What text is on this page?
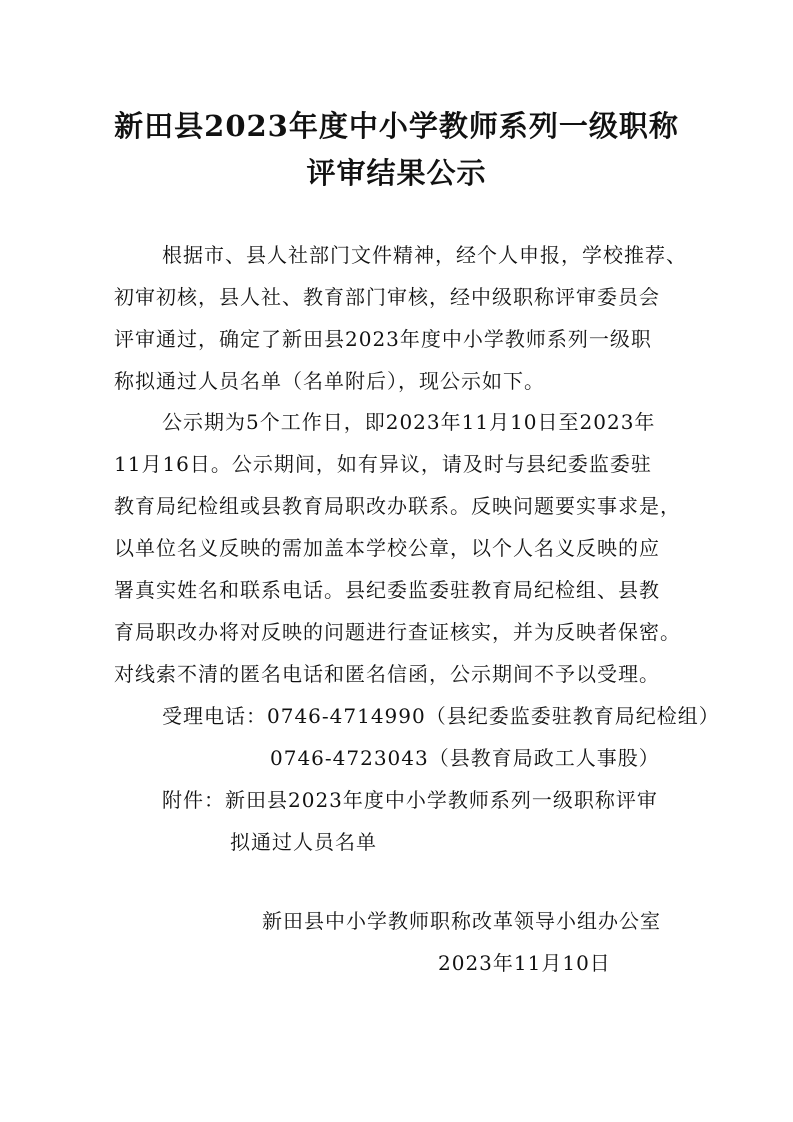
新田县2023年度中小学教师系列一级职称
评审结果公示
根据市、县人社部门文件精神，经个人申报，学校推荐、
初审初核，县人社、教育部门审核，经中级职称评审委员会
评审通过，确定了新田县2023年度中小学教师系列一级职
称拟通过人员名单（名单附后），现公示如下。
公示期为5个工作日，即2023年11月10日至2023年
11月16日。公示期间，如有异议，请及时与县纪委监委驻
教育局纪检组或县教育局职改办联系。反映问题要实事求是，
以单位名义反映的需加盖本学校公章，以个人名义反映的应
署真实姓名和联系电话。县纪委监委驻教育局纪检组、县教
育局职改办将对反映的问题进行查证核实，并为反映者保密。
对线索不清的匿名电话和匿名信函，公示期间不予以受理。
受理电话：0746-4714990（县纪委监委驻教育局纪检组）
0746-4723043（县教育局政工人事股）
附件：新田县2023年度中小学教师系列一级职称评审
拟通过人员名单
新田县中小学教师职称改革领导小组办公室
2023年11月10日
